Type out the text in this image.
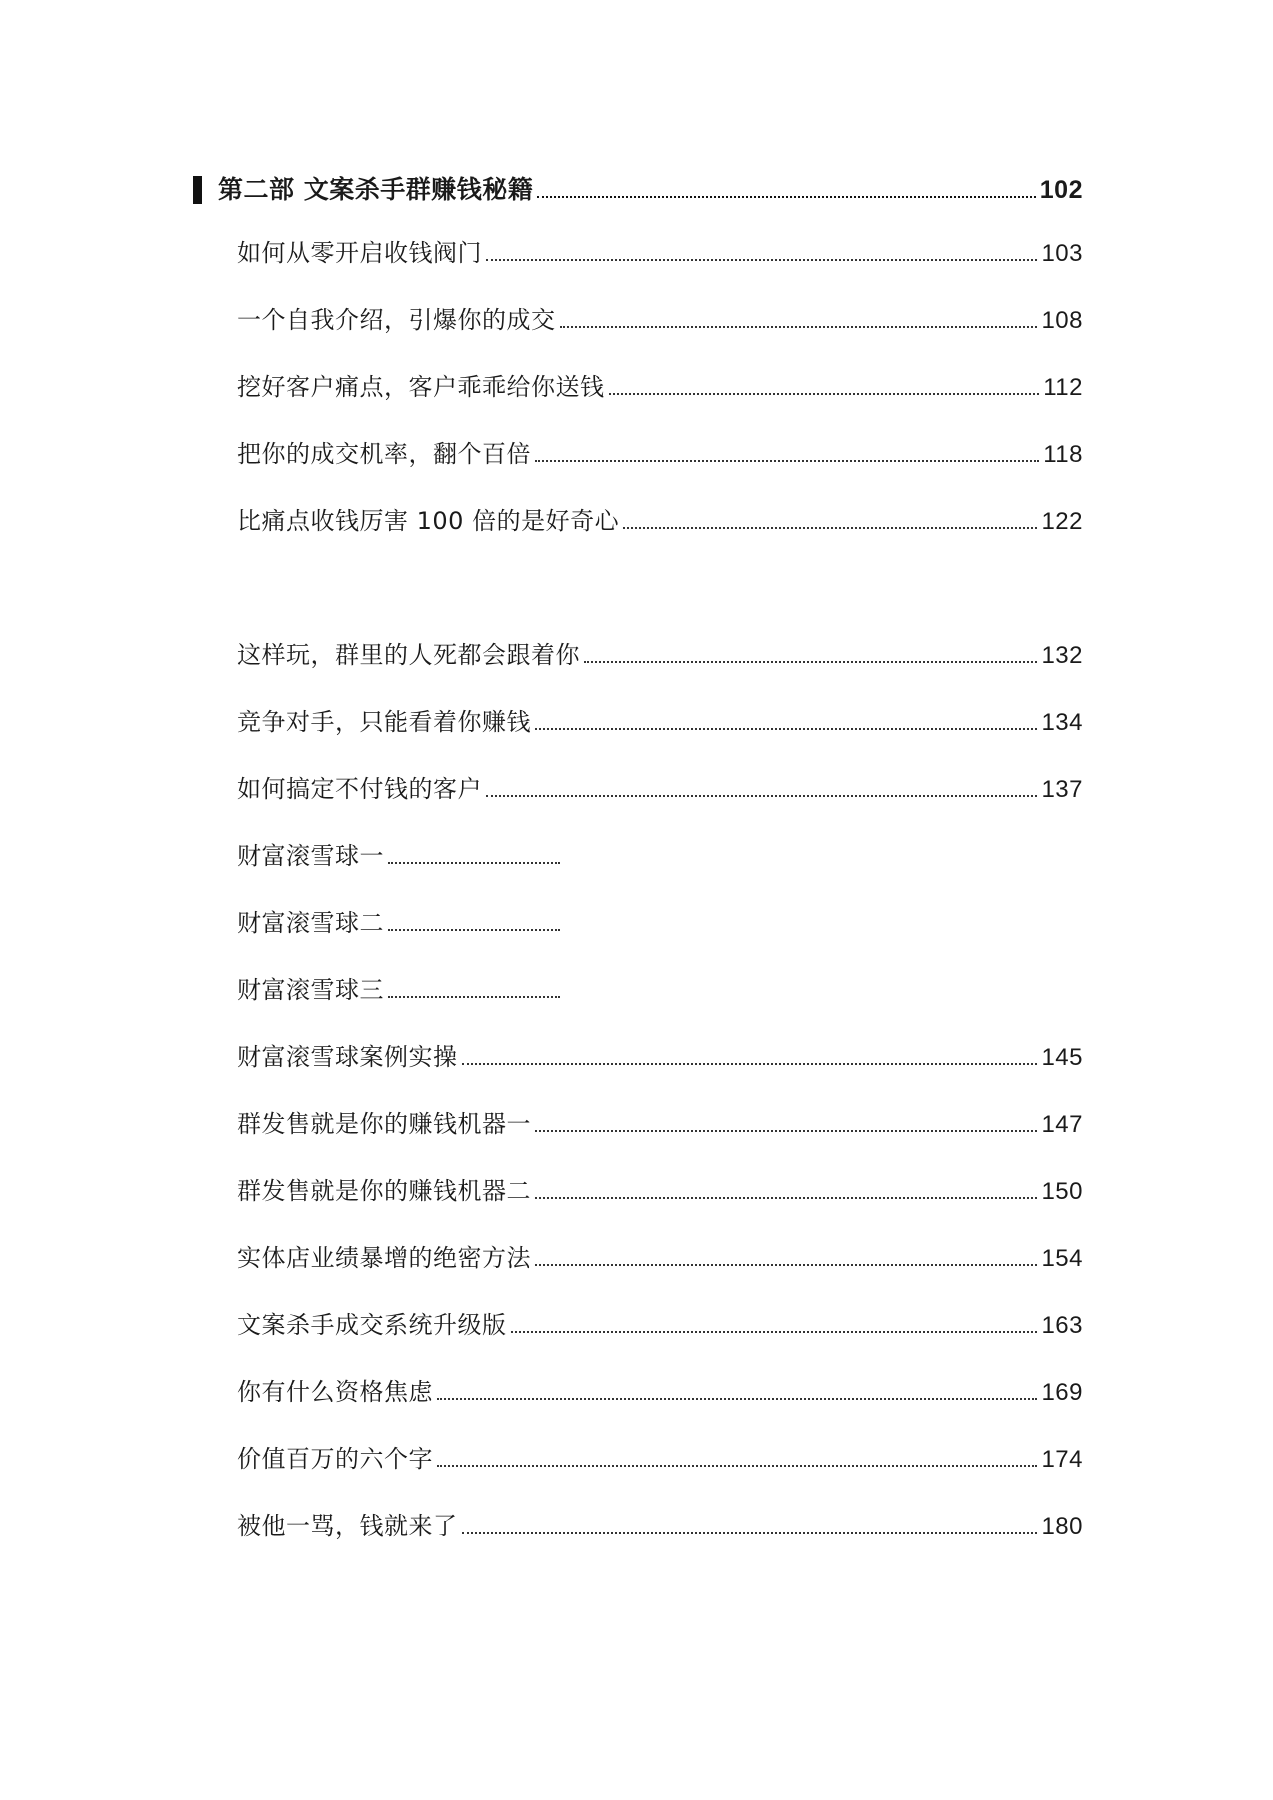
第二部 文案杀手群赚钱秘籍	102
如何从零开启收钱阀门	103
一个自我介绍，引爆你的成交	108
挖好客户痛点，客户乖乖给你送钱	112
把你的成交机率，翻个百倍	118
比痛点收钱厉害 100 倍的是好奇心	122
这样玩，群里的人死都会跟着你	132
竞争对手，只能看着你赚钱	134
如何搞定不付钱的客户	137
财富滚雪球一
财富滚雪球二
财富滚雪球三
财富滚雪球案例实操	145
群发售就是你的赚钱机器一	147
群发售就是你的赚钱机器二	150
实体店业绩暴增的绝密方法	154
文案杀手成交系统升级版	163
你有什么资格焦虑	169
价值百万的六个字	174
被他一骂，钱就来了	180
